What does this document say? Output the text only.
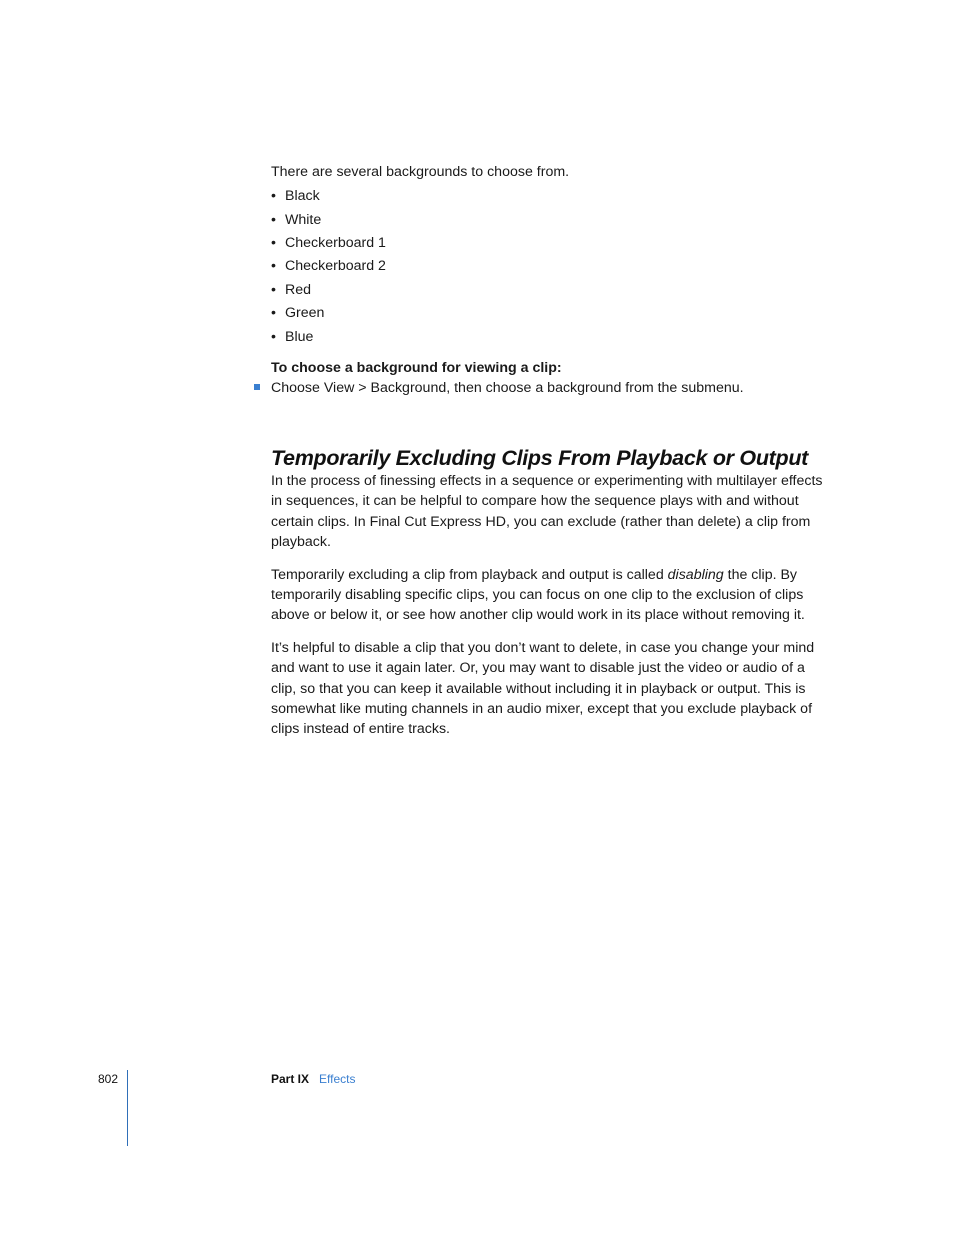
There are several backgrounds to choose from.

• Black
• White
• Checkerboard 1
• Checkerboard 2
• Red
• Green
• Blue
To choose a background for viewing a clip:
Choose View > Background, then choose a background from the submenu.
Temporarily Excluding Clips From Playback or Output

In the process of finessing effects in a sequence or experimenting with multilayer effects in sequences, it can be helpful to compare how the sequence plays with and without certain clips. In Final Cut Express HD, you can exclude (rather than delete) a clip from playback.

Temporarily excluding a clip from playback and output is called disabling the clip. By temporarily disabling specific clips, you can focus on one clip to the exclusion of clips above or below it, or see how another clip would work in its place without removing it.

It’s helpful to disable a clip that you don’t want to delete, in case you change your mind and want to use it again later. Or, you may want to disable just the video or audio of a clip, so that you can keep it available without including it in playback or output. This is somewhat like muting channels in an audio mixer, except that you exclude playback of clips instead of entire tracks.

802	Part IX Effects
